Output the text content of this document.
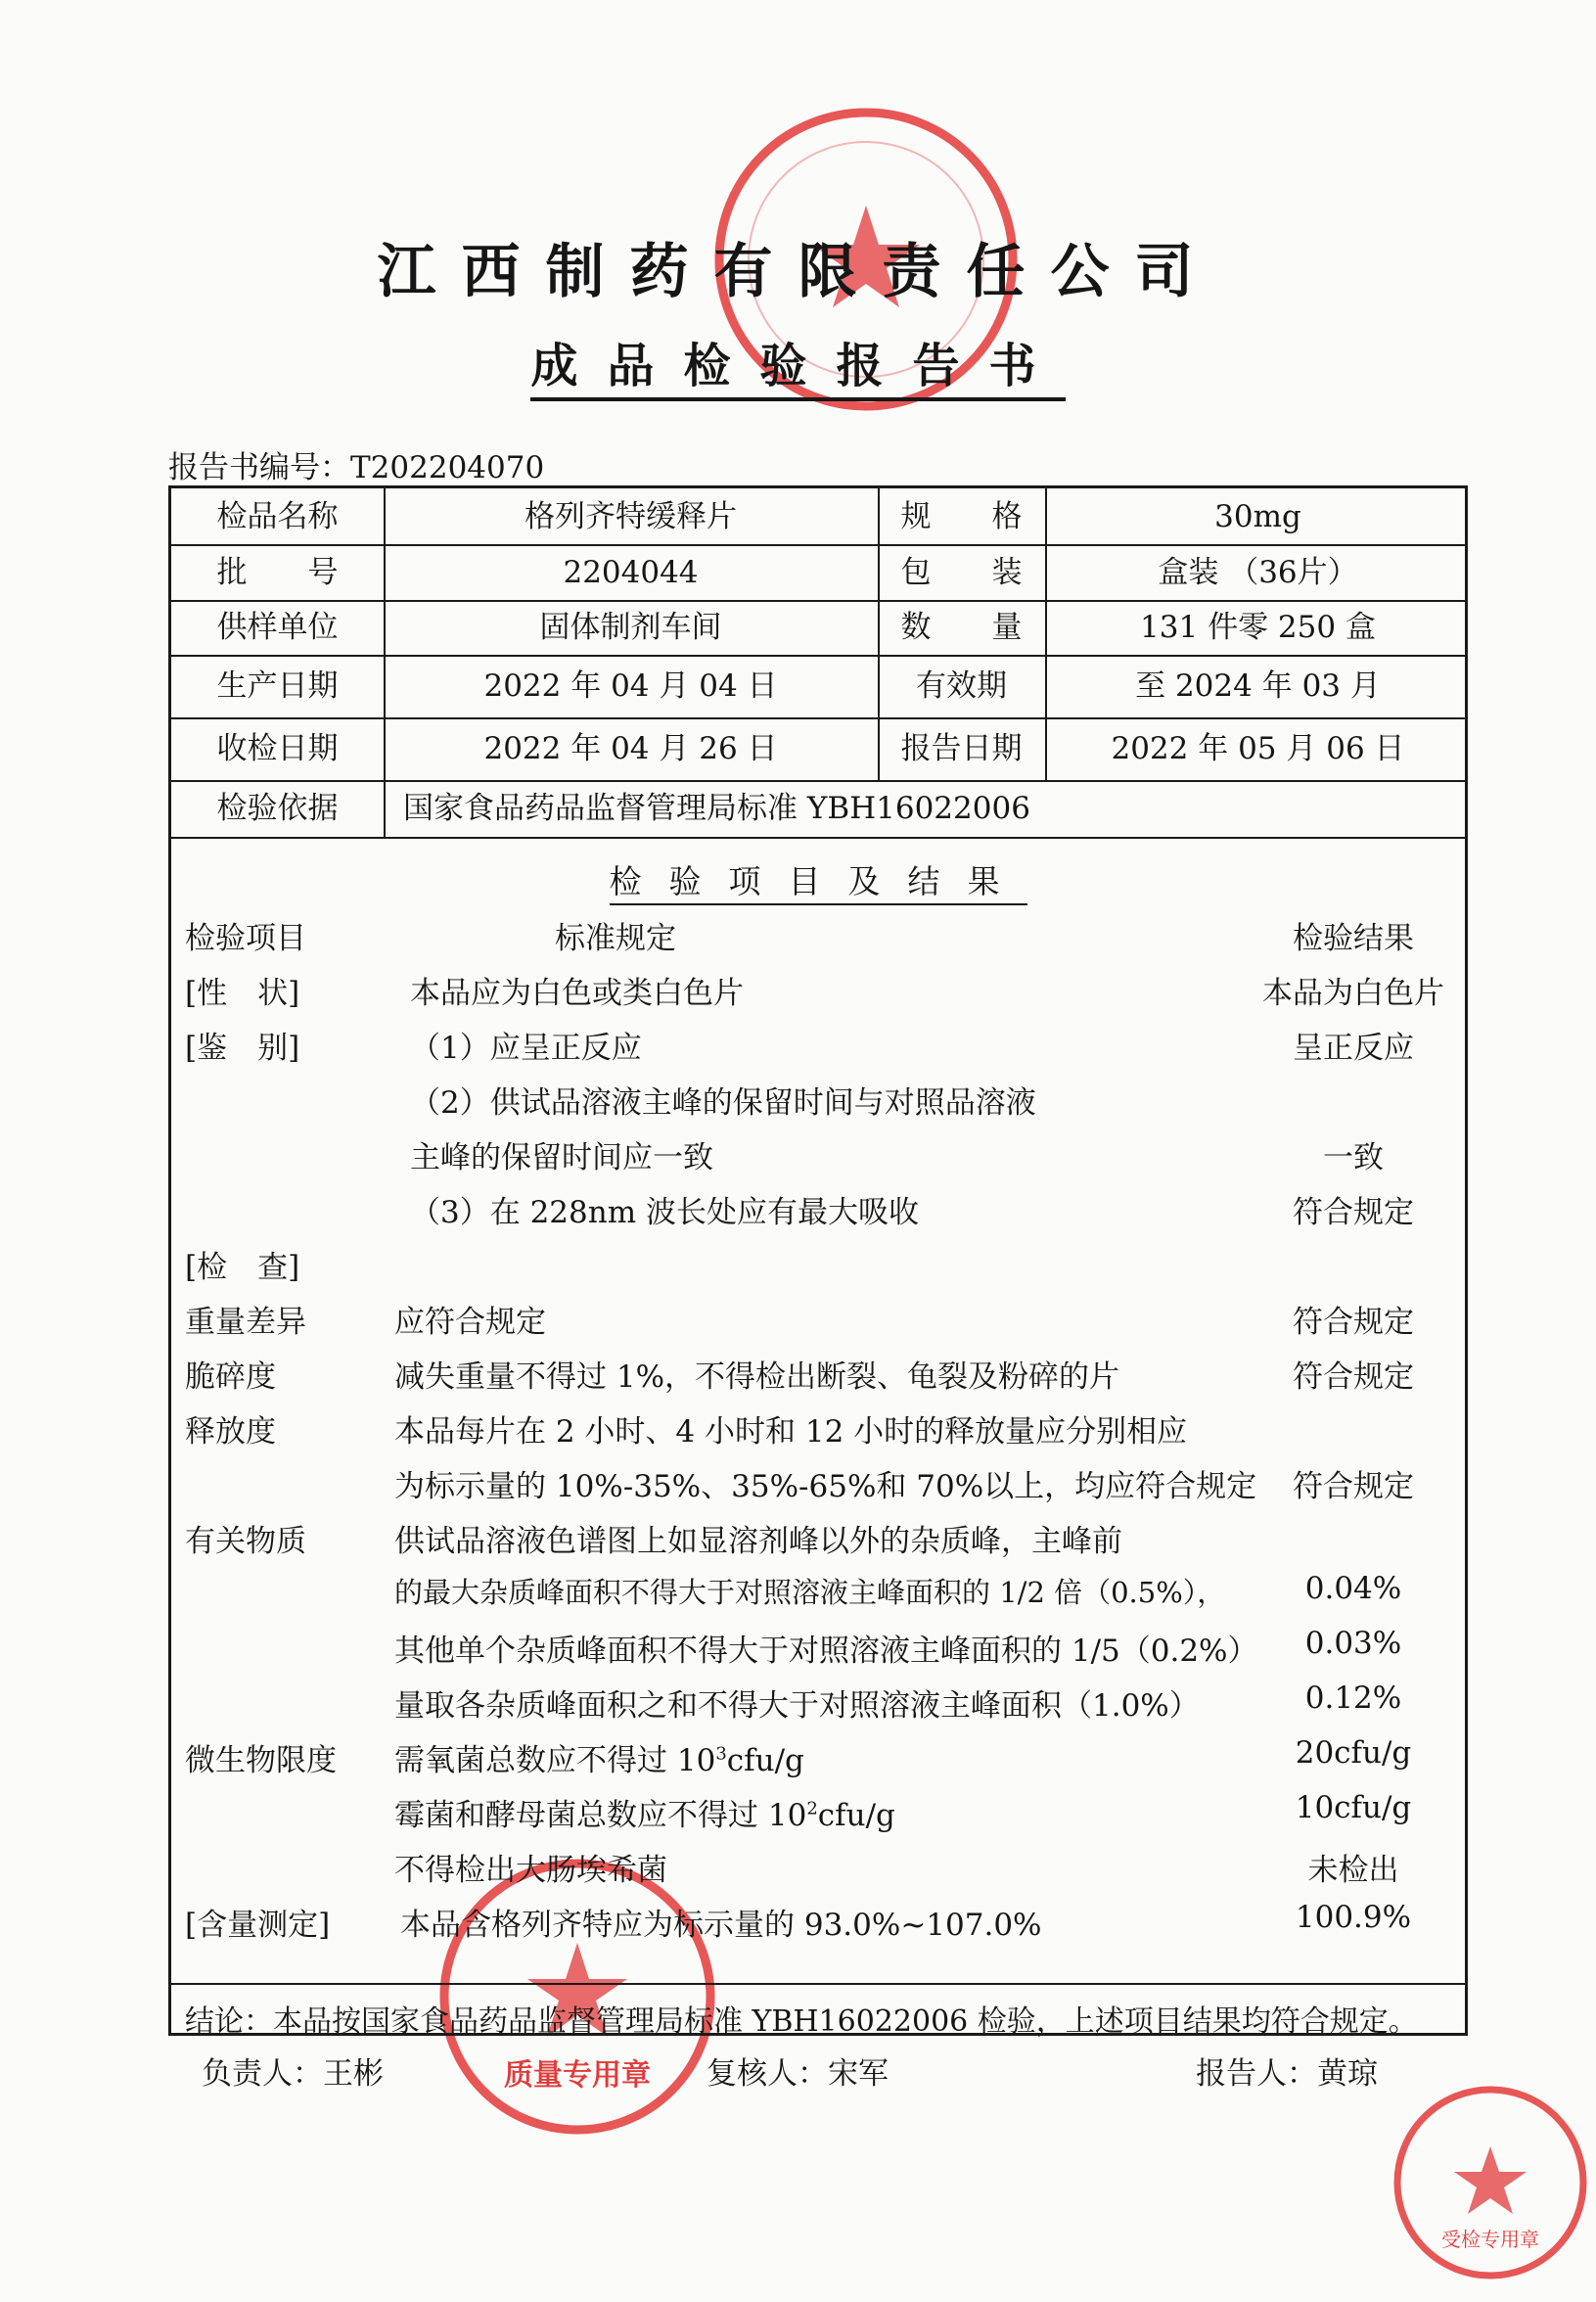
质量专用章
受检专用章
江西制药有限责任公司
成品检验报告书
报告书编号：T202204070
检品名称	格列齐特缓释片	规　　格	30mg
批　　号	2204044	包　　装	盒装 （36片）
供样单位	固体制剂车间	数　　量	131 件零 250 盒
生产日期	2022 年 04 月 04 日	有效期	至 2024 年 03 月
收检日期	2022 年 04 月 26 日	报告日期	2022 年 05 月 06 日
检验依据	国家食品药品监督管理局标准 YBH16022006
检验项目及结果
检验项目	标准规定	检验结果
[性　状]	本品应为白色或类白色片	本品为白色片
[鉴　别]	（1）应呈正反应	呈正反应
（2）供试品溶液主峰的保留时间与对照品溶液
主峰的保留时间应一致	一致
（3）在 228nm 波长处应有最大吸收	符合规定
[检　查]
重量差异	应符合规定	符合规定
脆碎度	减失重量不得过 1%，不得检出断裂、龟裂及粉碎的片	符合规定
释放度	本品每片在 2 小时、4 小时和 12 小时的释放量应分别相应
为标示量的 10%-35%、35%-65%和 70%以上，均应符合规定	符合规定
有关物质	供试品溶液色谱图上如显溶剂峰以外的杂质峰，主峰前
的最大杂质峰面积不得大于对照溶液主峰面积的 1/2 倍（0.5%），	0.04%
其他单个杂质峰面积不得大于对照溶液主峰面积的 1/5（0.2%）	0.03%
量取各杂质峰面积之和不得大于对照溶液主峰面积（1.0%）	0.12%
微生物限度 需氧菌总数应不得过 $10^3cfu/g$	20cfu/g
霉菌和酵母菌总数应不得过 $10^2cfu/g$	10cfu/g
不得检出大肠埃希菌	未检出
[含量测定] 本品含格列齐特应为标示量的 93.0%~107.0%	100.9%
结论：本品按国家食品药品监督管理局标准 YBH16022006 检验，上述项目结果均符合规定。
负责人：王彬	复核人：宋军	报告人：黄琼
